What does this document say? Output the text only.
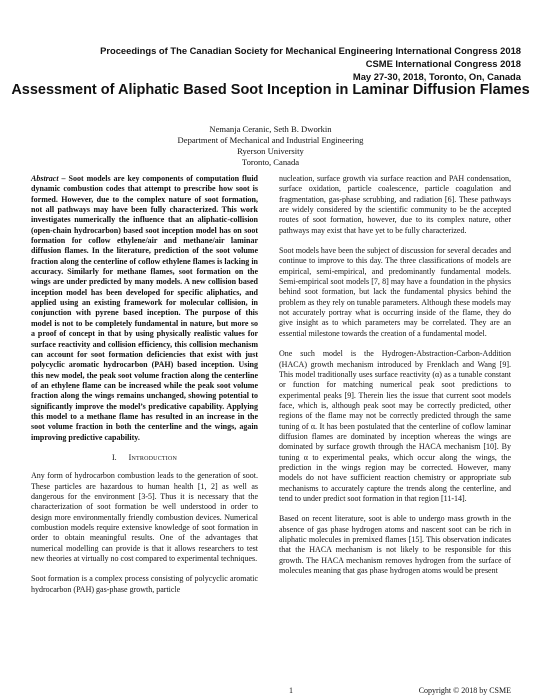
Proceedings of The Canadian Society for Mechanical Engineering International Congress 2018
CSME International Congress 2018
May 27-30, 2018, Toronto, On, Canada
Assessment of Aliphatic Based Soot Inception in Laminar Diffusion Flames
Nemanja Ceranic, Seth B. Dworkin
Department of Mechanical and Industrial Engineering
Ryerson University
Toronto, Canada

Abstract – Soot models are key components of computation fluid dynamic combustion codes that attempt to prescribe how soot is formed. However, due to the complex nature of soot formation, not all pathways may have been fully characterized. This work investigates numerically the influence that an aliphatic-collision (open-chain hydrocarbon) based soot inception model has on soot formation for coflow ethylene/air and methane/air laminar diffusion flames. In the literature, prediction of the soot volume fraction along the centerline of coflow ethylene flames is lacking in accuracy. Similarly for methane flames, soot formation on the wings are under predicted by many models. A new collision based inception model has been developed for specific aliphatics, and applied using an existing framework for molecular collision, in conjunction with pyrene based inception. The purpose of this model is not to be completely fundamental in nature, but more so a proof of concept in that by using physically realistic values for surface reactivity and collision efficiency, this collision mechanism can account for soot formation deficiencies that exist with just polycyclic aromatic hydrocarbon (PAH) based inception. Using this new model, the peak soot volume fraction along the centerline of an ethylene flame can be increased while the peak soot volume fraction along the wings remains unchanged, showing potential to significantly improve the model’s predicative capability. Applying this model to a methane flame has resulted in an increase in the soot volume fraction in both the centerline and the wings, again improving predictive capability.

I. Introduction

Any form of hydrocarbon combustion leads to the generation of soot. These particles are hazardous to human health [1, 2] as well as dangerous for the environment [3-5]. Thus it is necessary that the characterization of soot formation be well understood in order to design more environmentally friendly combustion devices. Numerical combustion models require extensive knowledge of soot formation in order to obtain meaningful results. One of the advantages that numerical modelling can provide is that it allows researchers to test new theories at virtually no cost compared to experimental techniques.

Soot formation is a complex process consisting of polycyclic aromatic hydrocarbon (PAH) gas-phase growth, particle

nucleation, surface growth via surface reaction and PAH condensation, surface oxidation, particle coalescence, particle coagulation and fragmentation, gas-phase scrubbing, and radiation [6]. These pathways are widely considered by the scientific community to be the accepted routes of soot formation, however, due to its complex nature, other pathways may exist that have yet to be fully characterized.

Soot models have been the subject of discussion for several decades and continue to improve to this day. The three classifications of models are empirical, semi-empirical, and predominantly fundamental models. Semi-empirical soot models [7, 8] may have a foundation in the physics behind soot formation, but lack the fundamental physics behind the problem as they rely on tunable parameters. Although these models may not accurately portray what is occurring inside of the flame, they do give insight as to which parameters may be correlated. They are an essential milestone towards the creation of a fundamental model.

One such model is the Hydrogen-Abstraction-Carbon-Addition (HACA) growth mechanism introduced by Frenklach and Wang [9]. This model traditionally uses surface reactivity (α) as a tunable constant or function for matching numerical peak soot predictions to experimental peaks [9]. Therein lies the issue that current soot models face, which is, although peak soot may be correctly predicted, other regions of the flame may not be correctly predicted through the same tuning of α. It has been postulated that the centerline of coflow laminar diffusion flames are dominated by inception whereas the wings are dominated by surface growth through the HACA mechanism [10]. By tuning α to experimental peaks, which occur along the wings, the prediction in the wings region may be corrected. However, many models do not have sufficient reaction chemistry or appropriate sub mechanisms to accurately capture the trends along the centerline, and tend to under predict soot formation in that region [11-14].

Based on recent literature, soot is able to undergo mass growth in the absence of gas phase hydrogen atoms and nascent soot can be rich in aliphatic molecules in premixed flames [15]. This observation indicates that the HACA mechanism is not likely to be responsible for this growth. The HACA mechanism removes hydrogen from the surface of molecules meaning that gas phase hydrogen atoms would be present

1	Copyright © 2018 by CSME
